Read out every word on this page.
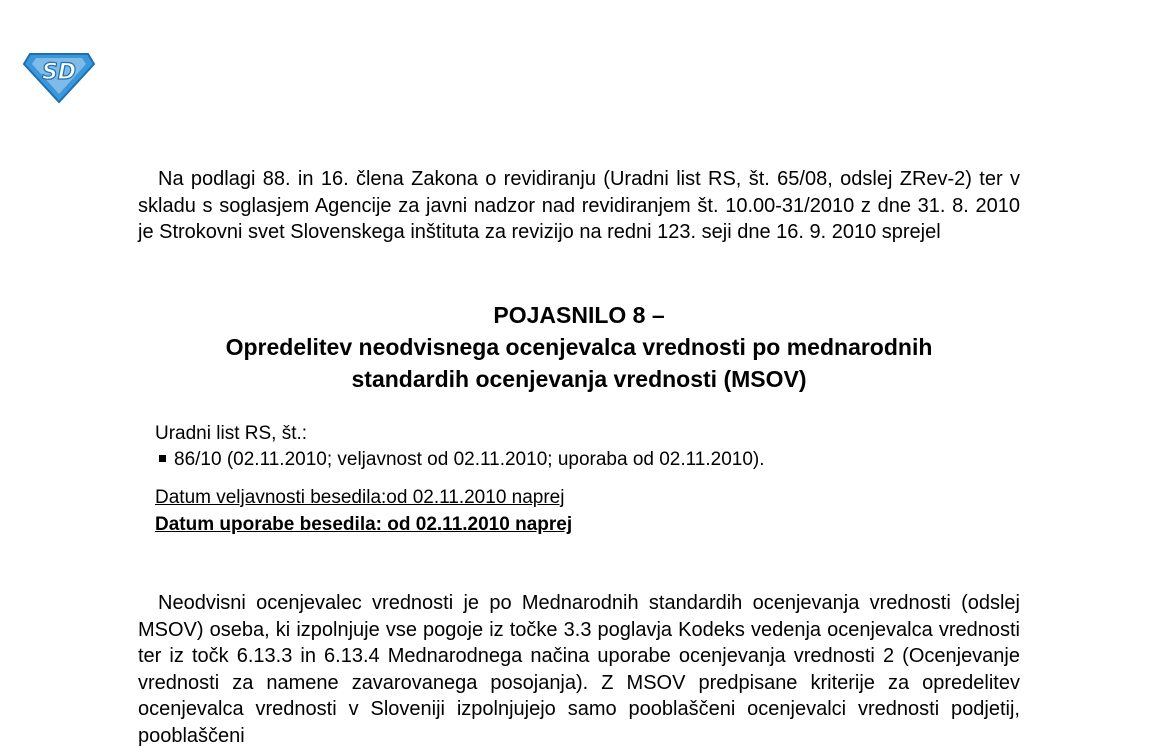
SD

Na podlagi 88. in 16. člena Zakona o revidiranju (Uradni list RS, št. 65/08, odslej ZRev-2) ter v skladu s soglasjem Agencije za javni nadzor nad revidiranjem št. 10.00-31/2010 z dne 31. 8. 2010 je Strokovni svet Slovenskega inštituta za revizijo na redni 123. seji dne 16. 9. 2010 sprejel

POJASNILO 8 –
Opredelitev neodvisnega ocenjevalca vrednosti po mednarodnih
standardih ocenjevanja vrednosti (MSOV)
Uradni list RS, št.:
86/10 (02.11.2010; veljavnost od 02.11.2010; uporaba od 02.11.2010).
Datum veljavnosti besedila:od 02.11.2010 naprej
Datum uporabe besedila: od 02.11.2010 naprej

Neodvisni ocenjevalec vrednosti je po Mednarodnih standardih ocenjevanja vrednosti (odslej MSOV) oseba, ki izpolnjuje vse pogoje iz točke 3.3 poglavja Kodeks vedenja ocenjevalca vrednosti ter iz točk 6.13.3 in 6.13.4 Mednarodnega načina uporabe ocenjevanja vrednosti 2 (Ocenjevanje vrednosti za namene zavarovanega posojanja). Z MSOV predpisane kriterije za opredelitev ocenjevalca vrednosti v Sloveniji izpolnjujejo samo pooblaščeni ocenjevalci vrednosti podjetij, pooblaščeni
